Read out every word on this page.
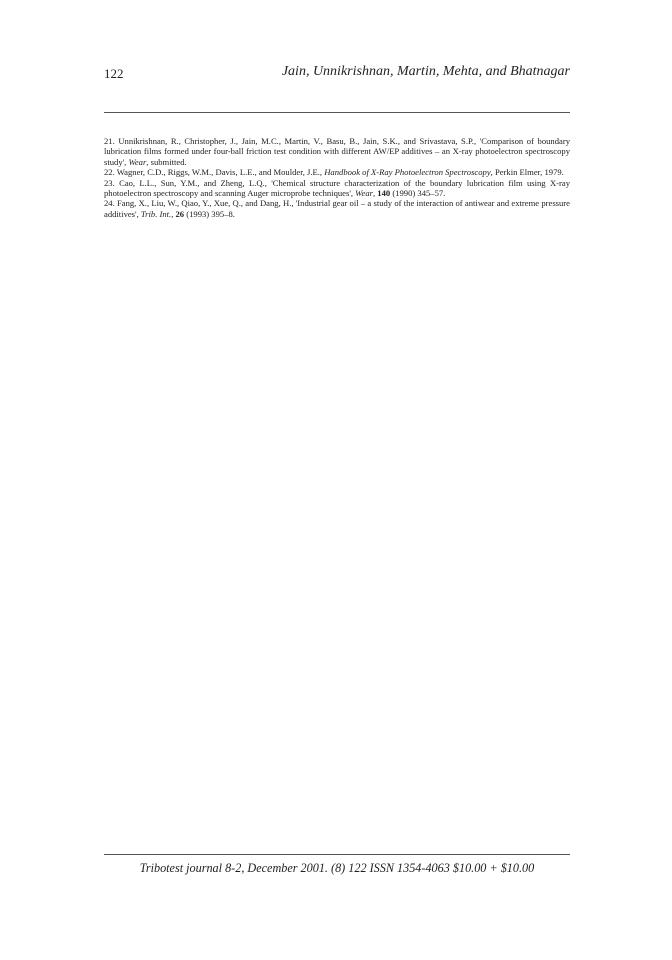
122	Jain, Unnikrishnan, Martin, Mehta, and Bhatnagar

21. Unnikrishnan, R., Christopher, J., Jain, M.C., Martin, V., Basu, B., Jain, S.K., and Srivastava, S.P., 'Comparison of boundary lubrication films formed under four-ball friction test condition with different AW/EP additives – an X-ray photoelectron spectroscopy study', Wear, submitted.

22. Wagner, C.D., Riggs, W.M., Davis, L.E., and Moulder, J.E., Handbook of X-Ray Photoelectron Spectroscopy, Perkin Elmer, 1979.

23. Cao, L.L., Sun, Y.M., and Zheng, L.Q., 'Chemical structure characterization of the boundary lubrication film using X-ray photoelectron spectroscopy and scanning Auger microprobe techniques', Wear, 140 (1990) 345–57.

24. Fang, X., Liu, W., Qiao, Y., Xue, Q., and Dang, H., 'Industrial gear oil – a study of the interaction of antiwear and extreme pressure additives', Trib. Int., 26 (1993) 395–8.

Tribotest journal 8-2, December 2001. (8) 122 ISSN 1354-4063 $10.00 + $10.00
